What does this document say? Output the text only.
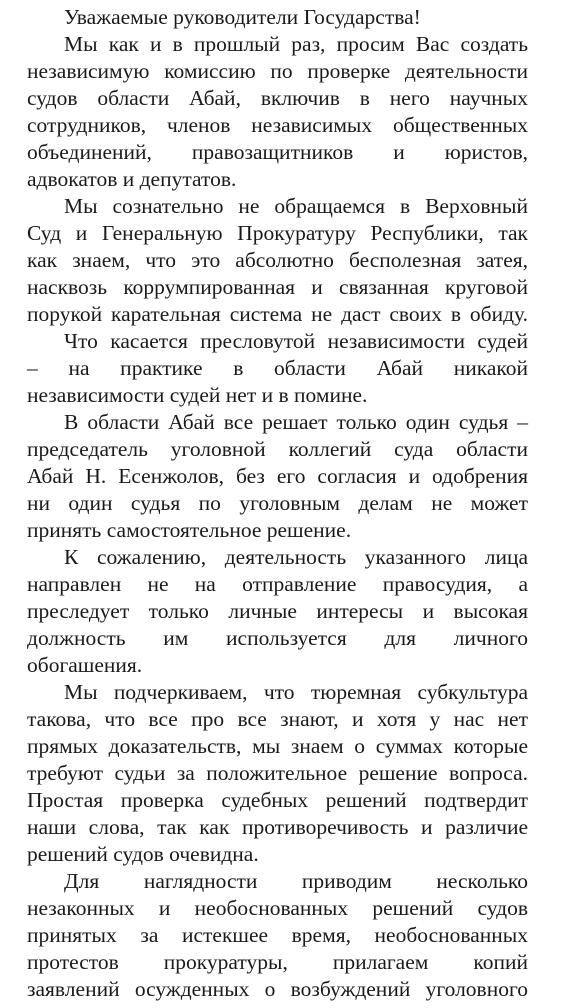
Уважаемые руководители Государства!
Мы как и в прошлый раз, просим Вас создать
независимую комиссию по проверке деятельности
судов области Абай, включив в него научных
сотрудников, членов независимых общественных
объединений, правозащитников и юристов,
адвокатов и депутатов.
Мы сознательно не обращаемся в Верховный
Суд и Генеральную Прокуратуру Республики, так
как знаем, что это абсолютно бесполезная затея,
насквозь коррумпированная и связанная круговой
порукой карательная система не даст своих в обиду.
Что касается пресловутой независимости судей
– на практике в области Абай никакой
независимости судей нет и в помине.
В области Абай все решает только один судья –
председатель уголовной коллегий суда области
Абай Н. Есенжолов, без его согласия и одобрения
ни один судья по уголовным делам не может
принять самостоятельное решение.
К сожалению, деятельность указанного лица
направлен не на отправление правосудия, а
преследует только личные интересы и высокая
должность им используется для личного
обогашения.
Мы подчеркиваем, что тюремная субкультура
такова, что все про все знают, и хотя у нас нет
прямых доказательств, мы знаем о суммах которые
требуют судьи за положительное решение вопроса.
Простая проверка судебных решений подтвердит
наши слова, так как противоречивость и различие
решений судов очевидна.
Для наглядности приводим несколько
незаконных и необоснованных решений судов
принятых за истекшее время, необоснованных
протестов прокуратуры, прилагаем копий
заявлений осужденных о возбуждений уголовного
